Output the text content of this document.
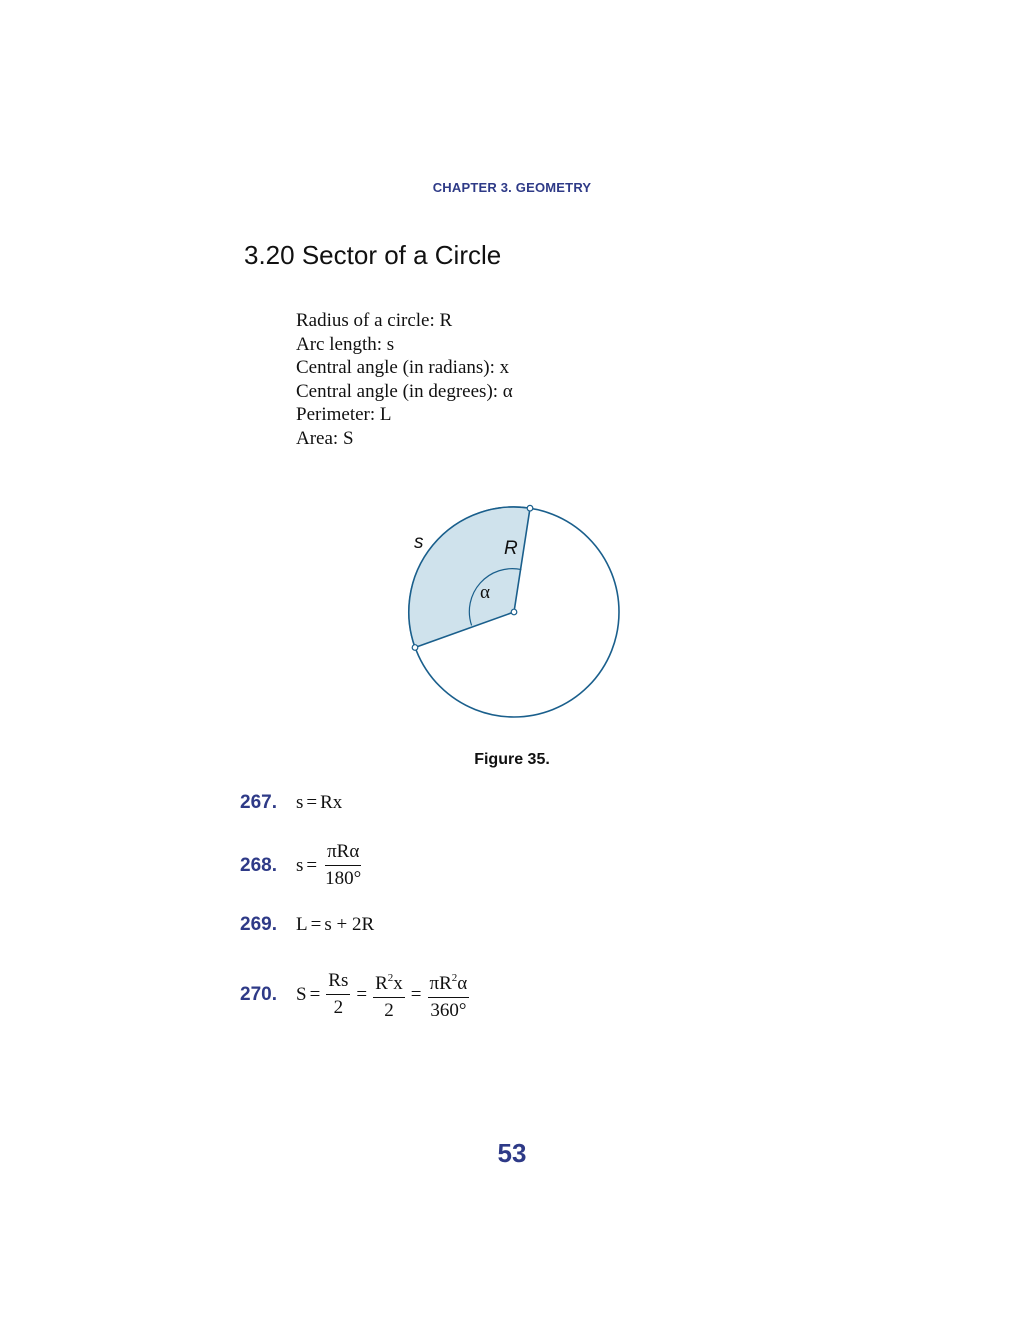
CHAPTER 3. GEOMETRY
3.20 Sector of a Circle
Radius of a circle: R
Arc length: s
Central angle (in radians): x
Central angle (in degrees): α
Perimeter: L
Area: S
s	R
α
Figure 35.
267.	s = Rx
268.	$s = \frac{\text{πRα}}{180^\circ}$
269.	L = s + 2R
270.	$S = \frac{Rs}{2} = \frac{R^2x}{2} = \frac{\pi R^2\alpha}{360^\circ}$
53
